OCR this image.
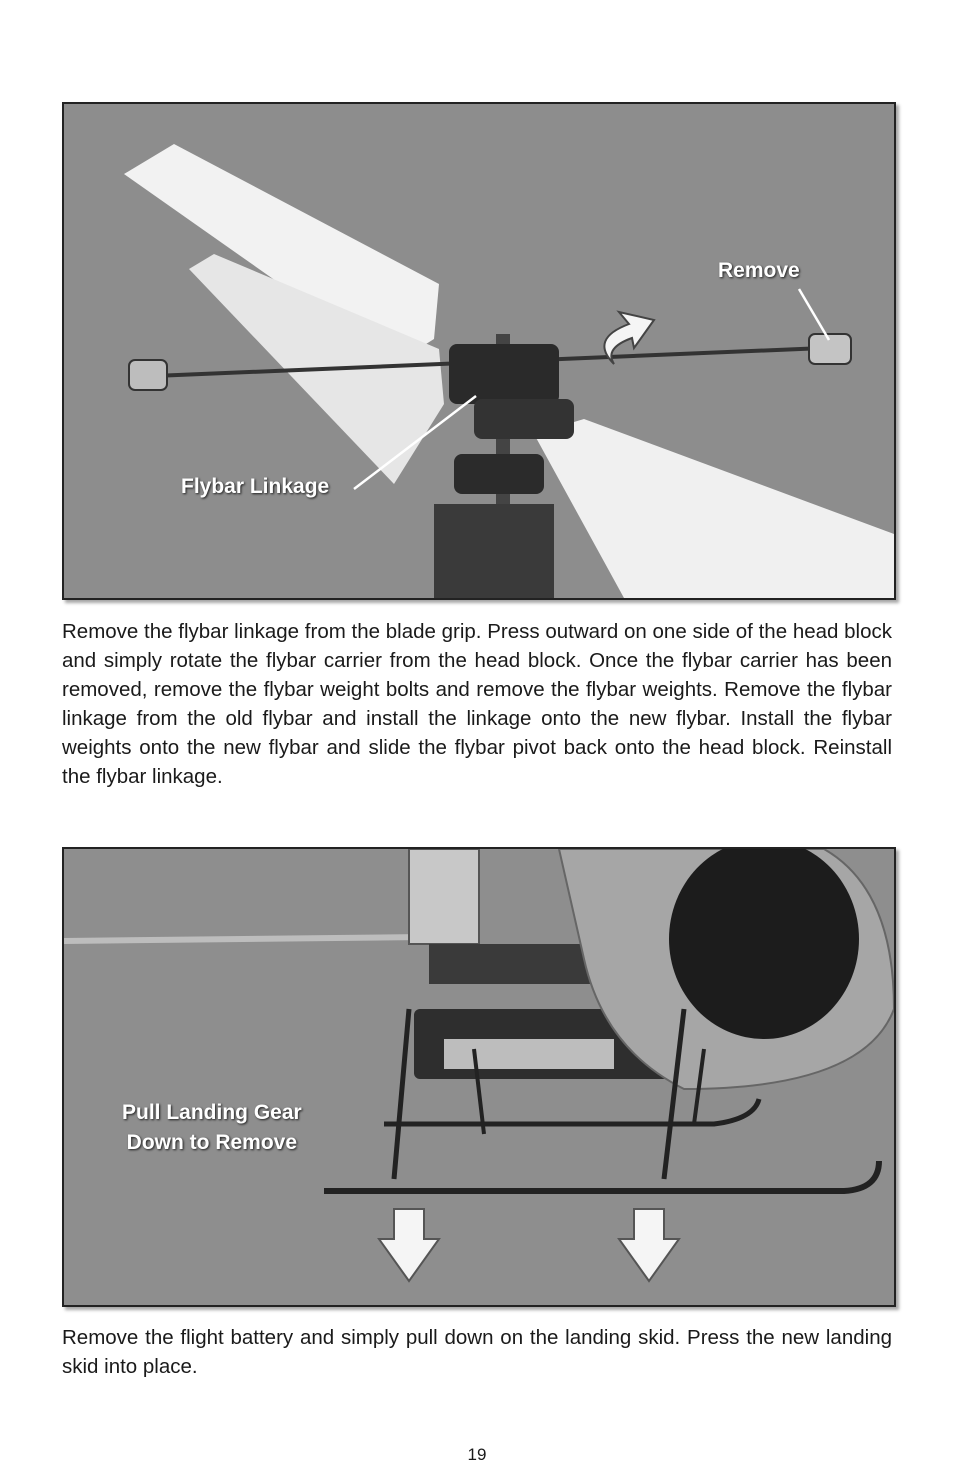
Remove
Flybar Linkage

Remove the flybar linkage from the blade grip. Press outward on one side of the head block and simply rotate the flybar carrier from the head block. Once the flybar carrier has been removed, remove the flybar weight bolts and remove the flybar weights. Remove the flybar linkage from the old flybar and install the linkage onto the new flybar. Install the flybar weights onto the new flybar and slide the flybar pivot back onto the head block. Reinstall the flybar linkage.

Pull Landing Gear
Down to Remove

Remove the flight battery and simply pull down on the landing skid. Press the new landing skid into place.

19
